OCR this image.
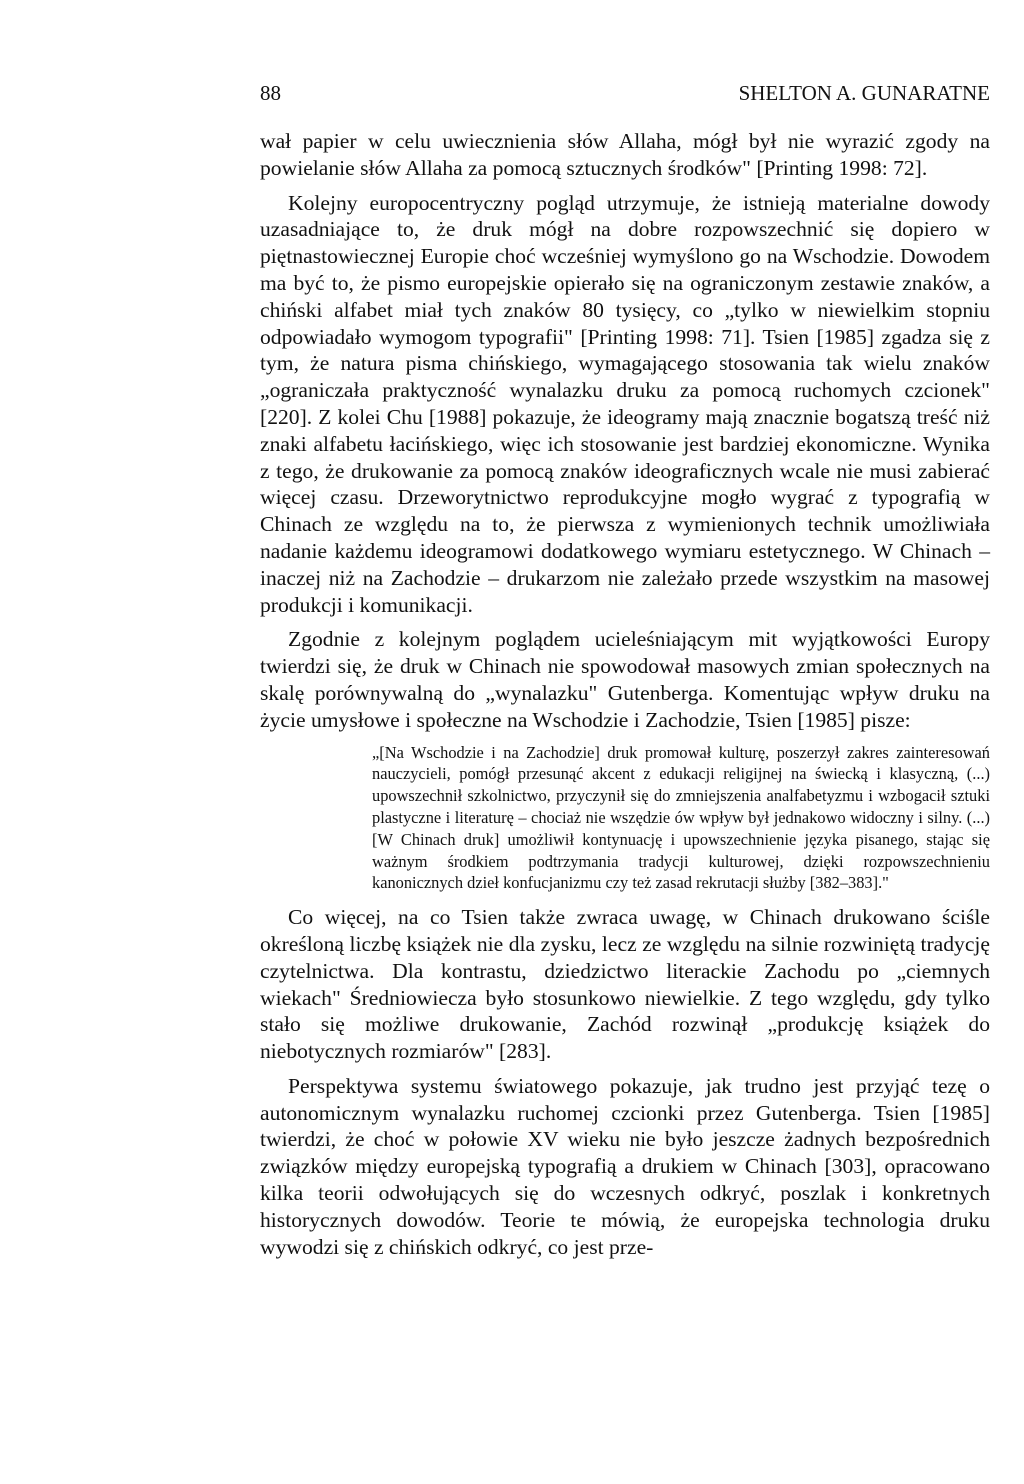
88	SHELTON A. GUNARATNE

wał papier w celu uwiecznienia słów Allaha, mógł był nie wyrazić zgody na powielanie słów Allaha za pomocą sztucznych środków" [Printing 1998: 72].

Kolejny europocentryczny pogląd utrzymuje, że istnieją materialne dowody uzasadniające to, że druk mógł na dobre rozpowszechnić się dopiero w piętnastowiecznej Europie choć wcześniej wymyślono go na Wschodzie. Dowodem ma być to, że pismo europejskie opierało się na ograniczonym zestawie znaków, a chiński alfabet miał tych znaków 80 tysięcy, co „tylko w niewielkim stopniu odpowiadało wymogom typografii" [Printing 1998: 71]. Tsien [1985] zgadza się z tym, że natura pisma chińskiego, wymagającego stosowania tak wielu znaków „ograniczała praktyczność wynalazku druku za pomocą ruchomych czcionek" [220]. Z kolei Chu [1988] pokazuje, że ideogramy mają znacznie bogatszą treść niż znaki alfabetu łacińskiego, więc ich stosowanie jest bardziej ekonomiczne. Wynika z tego, że drukowanie za pomocą znaków ideograficznych wcale nie musi zabierać więcej czasu. Drzeworytnictwo reprodukcyjne mogło wygrać z typografią w Chinach ze względu na to, że pierwsza z wymienionych technik umożliwiała nadanie każdemu ideogramowi dodatkowego wymiaru estetycznego. W Chinach – inaczej niż na Zachodzie – drukarzom nie zależało przede wszystkim na masowej produkcji i komunikacji.

Zgodnie z kolejnym poglądem ucieleśniającym mit wyjątkowości Europy twierdzi się, że druk w Chinach nie spowodował masowych zmian społecznych na skalę porównywalną do „wynalazku" Gutenberga. Komentując wpływ druku na życie umysłowe i społeczne na Wschodzie i Zachodzie, Tsien [1985] pisze:

„[Na Wschodzie i na Zachodzie] druk promował kulturę, poszerzył zakres zainteresowań nauczycieli, pomógł przesunąć akcent z edukacji religijnej na świecką i klasyczną, (...) upowszechnił szkolnictwo, przyczynił się do zmniejszenia analfabetyzmu i wzbogacił sztuki plastyczne i literaturę – chociaż nie wszędzie ów wpływ był jednakowo widoczny i silny. (...) [W Chinach druk] umożliwił kontynuację i upowszechnienie języka pisanego, stając się ważnym środkiem podtrzymania tradycji kulturowej, dzięki rozpowszechnieniu kanonicznych dzieł konfucjanizmu czy też zasad rekrutacji służby [382–383]."

Co więcej, na co Tsien także zwraca uwagę, w Chinach drukowano ściśle określoną liczbę książek nie dla zysku, lecz ze względu na silnie rozwiniętą tradycję czytelnictwa. Dla kontrastu, dziedzictwo literackie Zachodu po „ciemnych wiekach" Średniowiecza było stosunkowo niewielkie. Z tego względu, gdy tylko stało się możliwe drukowanie, Zachód rozwinął „produkcję książek do niebotycznych rozmiarów" [283].

Perspektywa systemu światowego pokazuje, jak trudno jest przyjąć tezę o autonomicznym wynalazku ruchomej czcionki przez Gutenberga. Tsien [1985] twierdzi, że choć w połowie XV wieku nie było jeszcze żadnych bezpośrednich związków między europejską typografią a drukiem w Chinach [303], opracowano kilka teorii odwołujących się do wczesnych odkryć, poszlak i konkretnych historycznych dowodów. Teorie te mówią, że europejska technologia druku wywodzi się z chińskich odkryć, co jest prze-
